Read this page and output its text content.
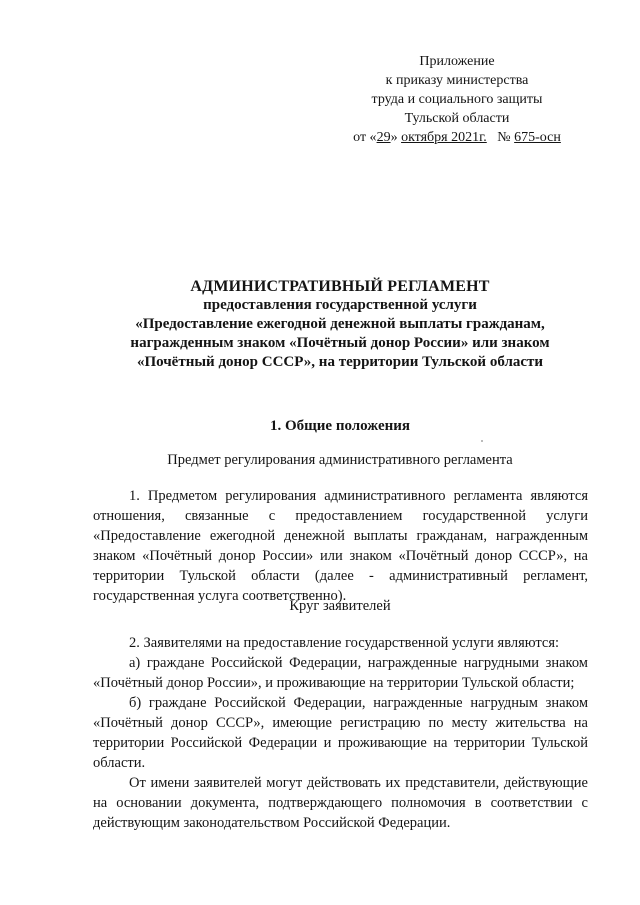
Приложение
к приказу министерства
труда и социального защиты
Тульской области
от «29» октября 2021г.   № 675-осн
АДМИНИСТРАТИВНЫЙ РЕГЛАМЕНТ
предоставления государственной услуги
«Предоставление ежегодной денежной выплаты гражданам,
награжденным знаком «Почётный донор России» или знаком
«Почётный донор СССР», на территории Тульской области
1. Общие положения
Предмет регулирования административного регламента

1. Предметом регулирования административного регламента являются отношения, связанные с предоставлением государственной услуги «Предоставление ежегодной денежной выплаты гражданам, награжденным знаком «Почётный донор России» или знаком «Почётный донор СССР», на территории Тульской области (далее - административный регламент, государственная услуга соответственно).

Круг заявителей

2. Заявителями на предоставление государственной услуги являются:

а) граждане Российской Федерации, награжденные нагрудными знаком «Почётный донор России», и проживающие на территории Тульской области;

б) граждане Российской Федерации, награжденные нагрудным знаком «Почётный донор СССР», имеющие регистрацию по месту жительства на территории Российской Федерации и проживающие на территории Тульской области.

От имени заявителей могут действовать их представители, действующие на основании документа, подтверждающего полномочия в соответствии с действующим законодательством Российской Федерации.
